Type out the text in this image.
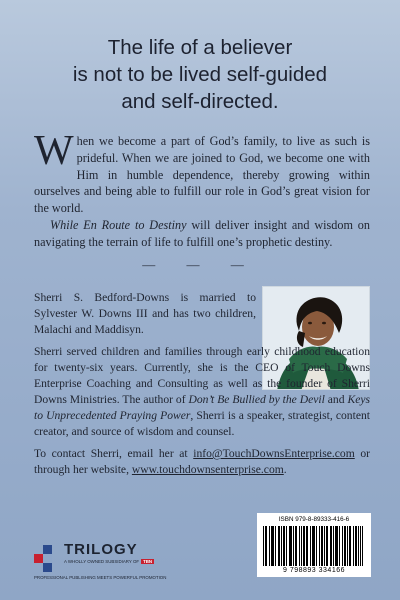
The life of a believer
is not to be lived self-guided
and self-directed.

When we become a part of God’s family, to live as such is prideful. When we are joined to God, we become one with Him in humble dependence, thereby growing within ourselves and being able to fulfill our role in God’s great vision for the world.

While En Route to Destiny will deliver insight and wisdom on navigating the terrain of life to fulfill one’s prophetic destiny.

— — —

Sherri S. Bedford-Downs is married to Sylvester W. Downs III and has two children, Malachi and Maddisyn.

Sherri served children and families through early childhood education for twenty-six years. Currently, she is the CEO of Touch Downs Enterprise Coaching and Consulting as well as the founder of Sherri Downs Ministries. The author of Don’t Be Bullied by the Devil and Keys to Unprecedented Praying Power, Sherri is a speaker, strategist, content creator, and source of wisdom and counsel.

To contact Sherri, email her at info@TouchDownsEnterprise.com or through her website, www.touchdownsenterprise.com.

TRILOGY
A WHOLLY OWNED SUBSIDIARY OF TBN
PROFESSIONAL PUBLISHING MEETS POWERFUL PROMOTION
ISBN 979-8-89333-416-6
9 798893 334166
